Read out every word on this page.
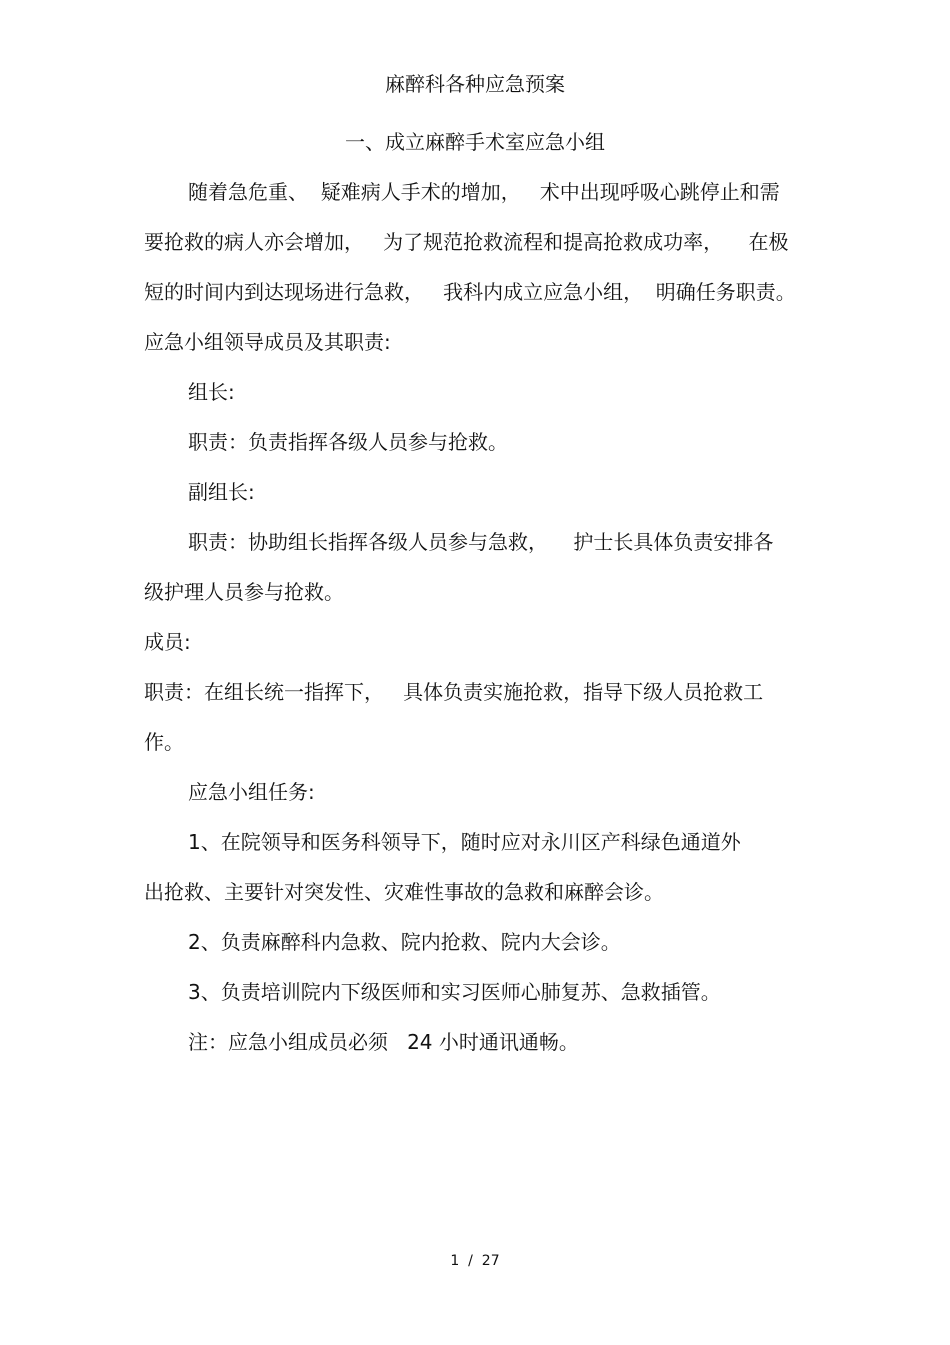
麻醉科各种应急预案
一、成立麻醉手术室应急小组
随着急危重、  疑难病人手术的增加，   术中出现呼吸心跳停止和需
要抢救的病人亦会增加，   为了规范抢救流程和提高抢救成功率，    在极
短的时间内到达现场进行急救，   我科内成立应急小组，  明确任务职责。
应急小组领导成员及其职责:
组长:
职责：负责指挥各级人员参与抢救。
副组长:
职责：协助组长指挥各级人员参与急救，    护士长具体负责安排各
级护理人员参与抢救。
成员:
职责：在组长统一指挥下，   具体负责实施抢救，指导下级人员抢救工
作。
应急小组任务:
1、在院领导和医务科领导下，随时应对永川区产科绿色通道外
出抢救、主要针对突发性、灾难性事故的急救和麻醉会诊。
2、负责麻醉科内急救、院内抢救、院内大会诊。
3、负责培训院内下级医师和实习医师心肺复苏、急救插管。
注：应急小组成员必须   24 小时通讯通畅。
1  /  27
